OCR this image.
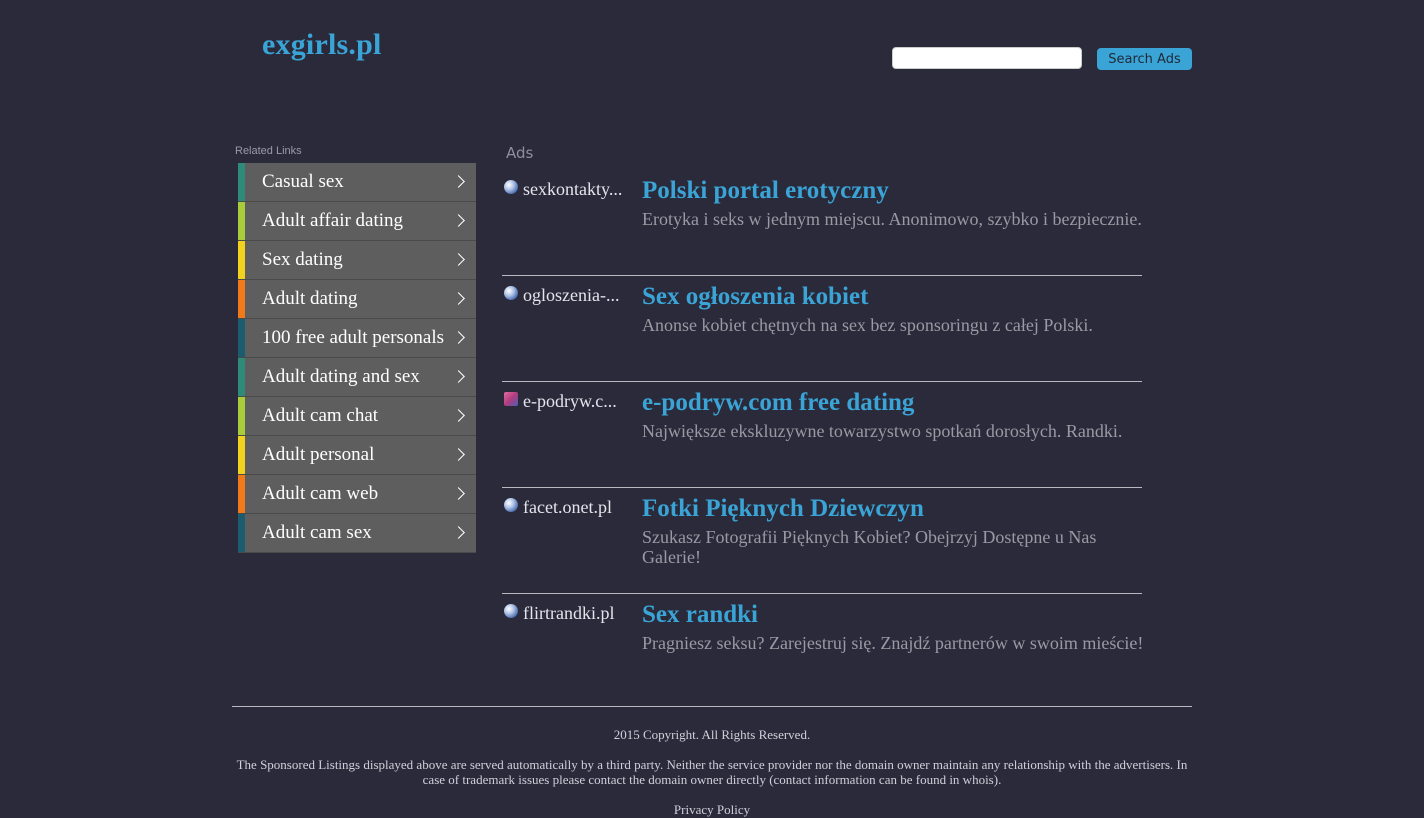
exgirls.pl	Search Ads
Related Links
Casual sex
Adult affair dating
Sex dating
Adult dating
100 free adult personals
Adult dating and sex
Adult cam chat
Adult personal
Adult cam web
Adult cam sex
Ads
sexkontakty... Polski portal erotyczny
Erotyka i seks w jednym miejscu. Anonimowo, szybko i bezpiecznie.
ogloszenia-... Sex ogłoszenia kobiet
Anonse kobiet chętnych na sex bez sponsoringu z całej Polski.
e-podryw.c...	e-podryw.com free dating
Największe ekskluzywne towarzystwo spotkań dorosłych. Randki.
facet.onet.pl	Fotki Pięknych Dziewczyn
Szukasz Fotografii Pięknych Kobiet? Obejrzyj Dostępne u Nas Galerie!
flirtrandki.pl	Sex randki
Pragniesz seksu? Zarejestruj się. Znajdź partnerów w swoim mieście!
2015 Copyright. All Rights Reserved.
The Sponsored Listings displayed above are served automatically by a third party. Neither the service provider nor the domain owner maintain any relationship with the advertisers. In case of trademark issues please contact the domain owner directly (contact information can be found in whois).
Privacy Policy
